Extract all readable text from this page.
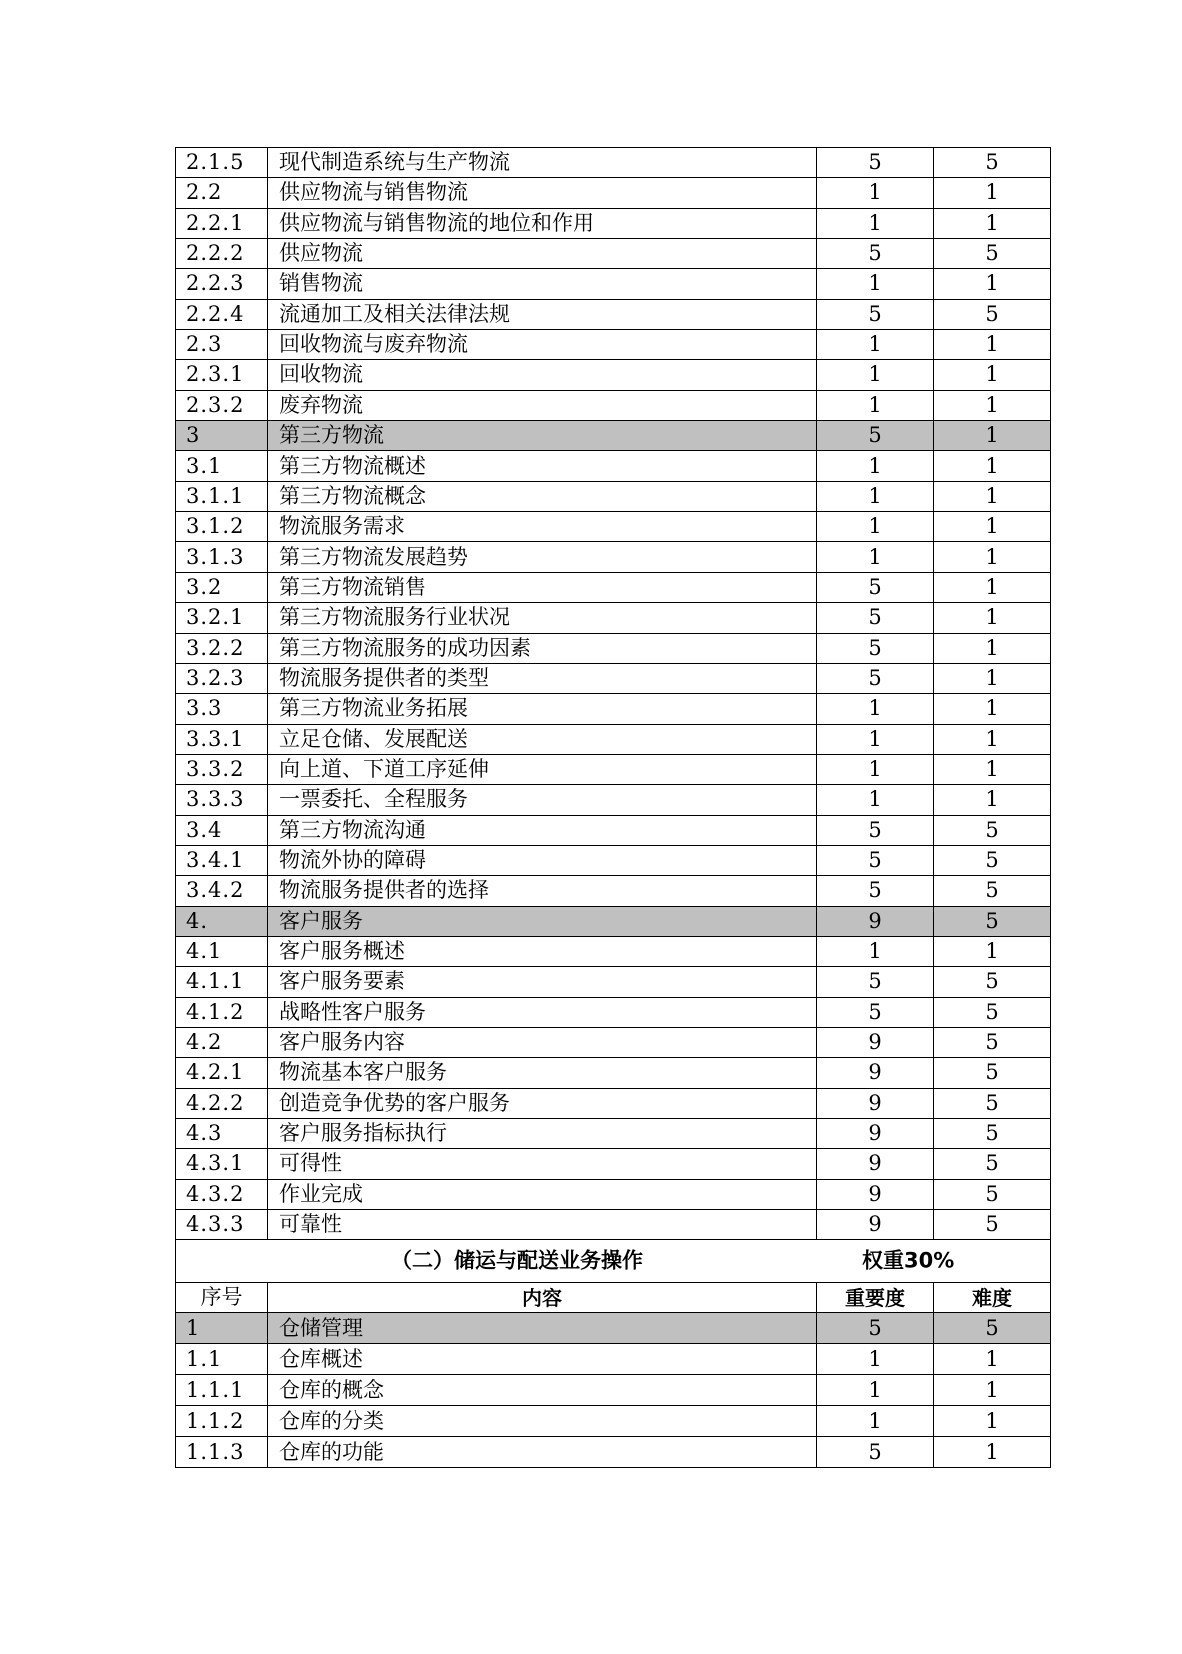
2.1.5	现代制造系统与生产物流	5	5
2.2	供应物流与销售物流	1	1
2.2.1	供应物流与销售物流的地位和作用	1	1
2.2.2	供应物流	5	5
2.2.3	销售物流	1	1
2.2.4	流通加工及相关法律法规	5	5
2.3	回收物流与废弃物流	1	1
2.3.1	回收物流	1	1
2.3.2	废弃物流	1	1
3	第三方物流	5	1
3.1	第三方物流概述	1	1
3.1.1	第三方物流概念	1	1
3.1.2	物流服务需求	1	1
3.1.3	第三方物流发展趋势	1	1
3.2	第三方物流销售	5	1
3.2.1	第三方物流服务行业状况	5	1
3.2.2	第三方物流服务的成功因素	5	1
3.2.3	物流服务提供者的类型	5	1
3.3	第三方物流业务拓展	1	1
3.3.1	立足仓储、发展配送	1	1
3.3.2	向上道、下道工序延伸	1	1
3.3.3	一票委托、全程服务	1	1
3.4	第三方物流沟通	5	5
3.4.1	物流外协的障碍	5	5
3.4.2	物流服务提供者的选择	5	5
4.	客户服务	9	5
4.1	客户服务概述	1	1
4.1.1	客户服务要素	5	5
4.1.2	战略性客户服务	5	5
4.2	客户服务内容	9	5
4.2.1	物流基本客户服务	9	5
4.2.2	创造竞争优势的客户服务	9	5
4.3	客户服务指标执行	9	5
4.3.1	可得性	9	5
4.3.2	作业完成	9	5
4.3.3	可靠性	9	5

（二）储运与配送业务操作 权重30%			

序号	内容	重要度	难度
1	仓储管理	5	5
1.1	仓库概述	1	1
1.1.1	仓库的概念	1	1
1.1.2	仓库的分类	1	1
1.1.3	仓库的功能	5	1
